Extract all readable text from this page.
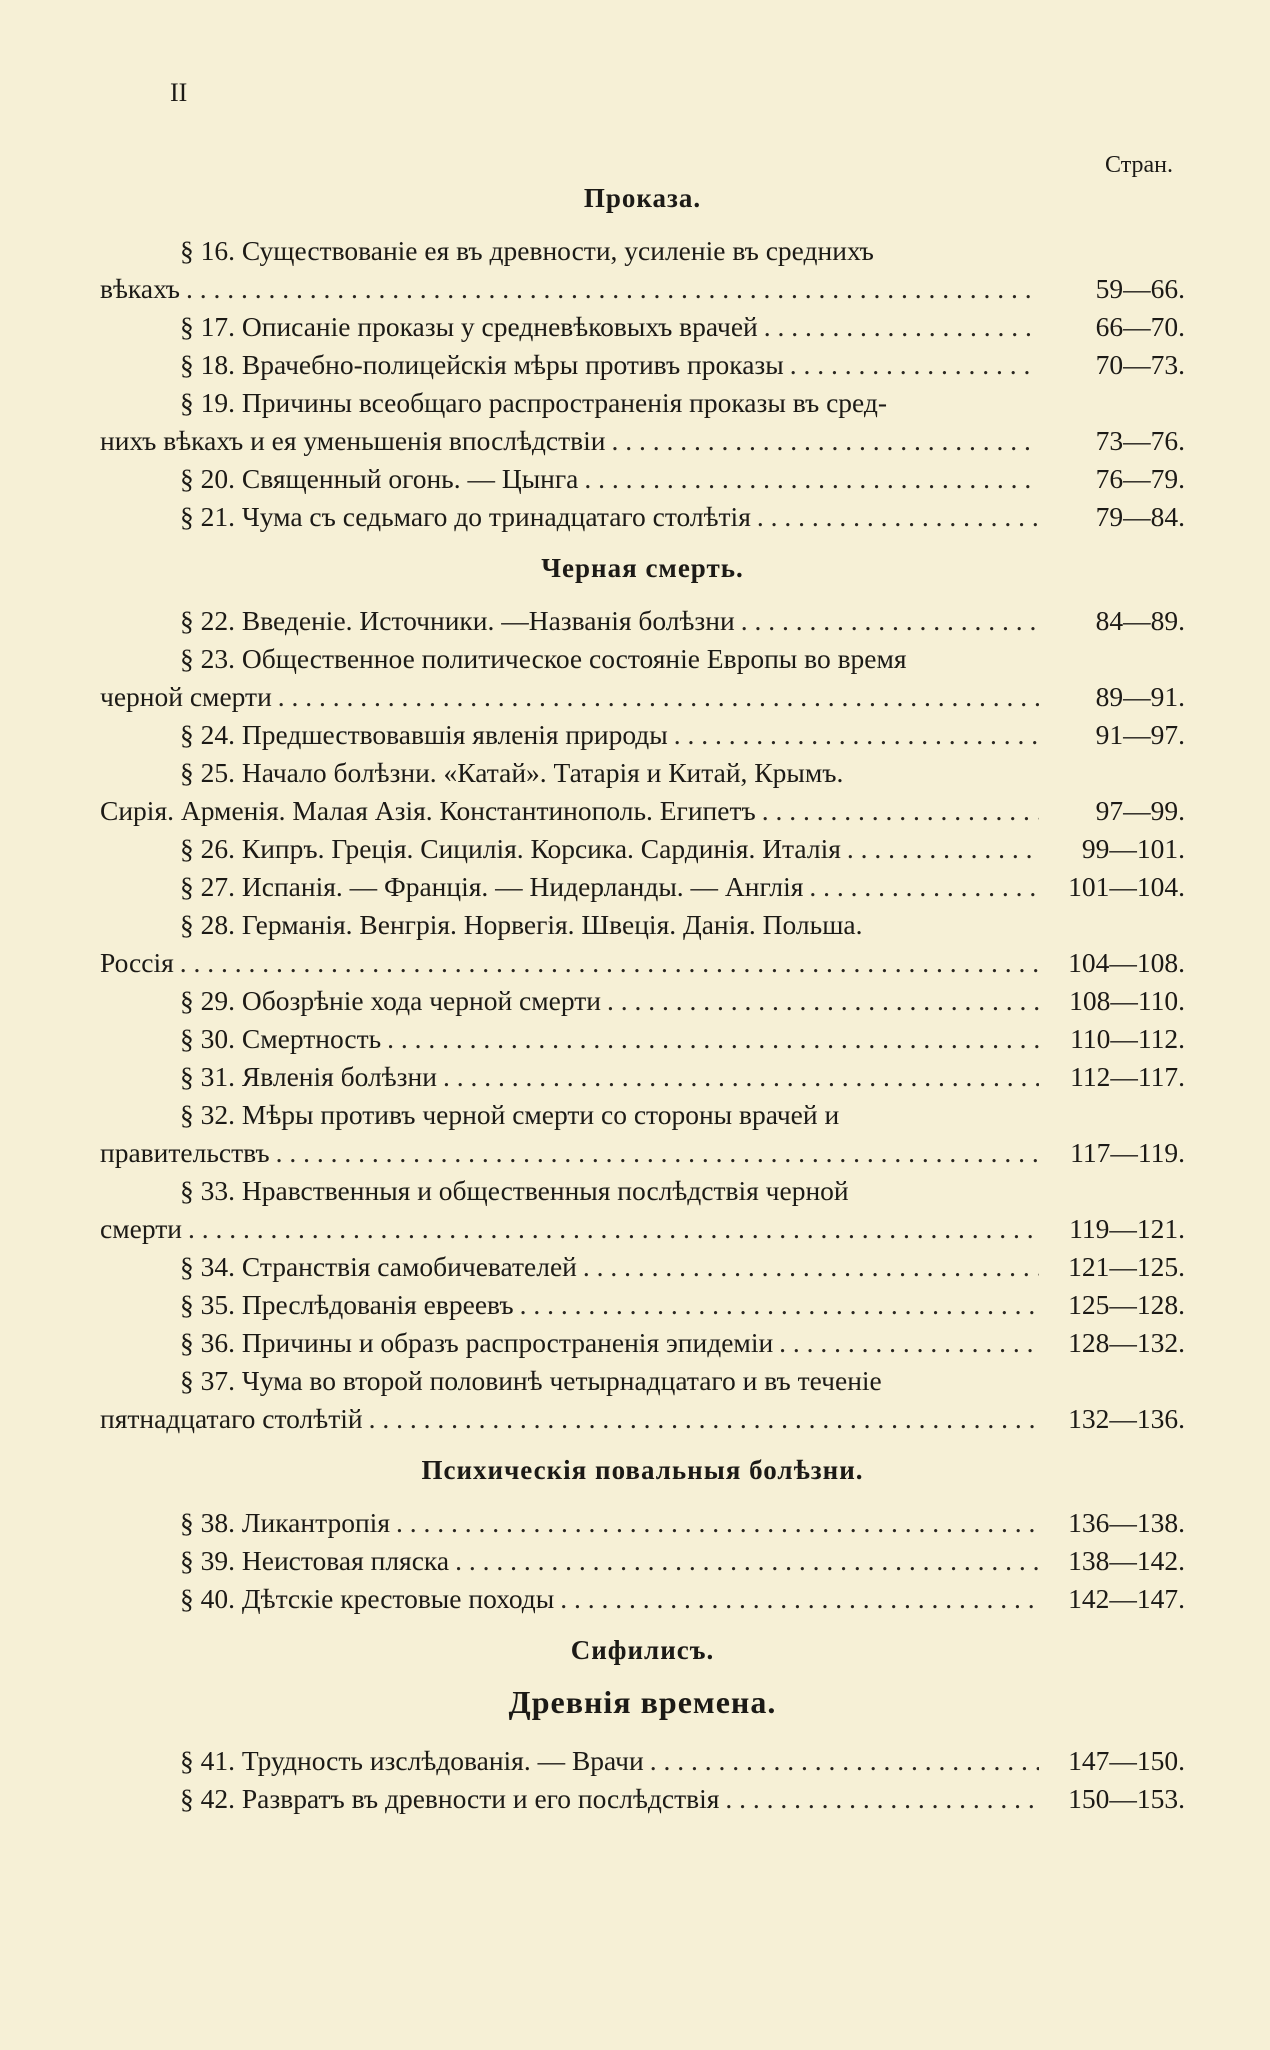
II
Стран.
Проказа.
§ 16. Существованіе ея въ древности, усиленіе въ среднихъ
вѣкахъ . . .	59—66.
§ 17. Описаніе проказы у средневѣковыхъ врачей . . .	66—70.
§ 18. Врачебно-полицейскія мѣры противъ проказы . . .	70—73.
§ 19. Причины всеобщаго распространенія проказы въ сред-
нихъ вѣкахъ и ея уменьшенія впослѣдствіи . . .	73—76.
§ 20. Священный огонь. — Цынга . . .	76—79.
§ 21. Чума съ седьмаго до тринадцатаго столѣтія . . .	79—84.
Черная смерть.
§ 22. Введеніе. Источники. —Названія болѣзни . . .	84—89.
§ 23. Общественное политическое состояніе Европы во время
черной смерти . . .	89—91.
§ 24. Предшествовавшія явленія природы . . .	91—97.
§ 25. Начало болѣзни. «Катай». Татарія и Китай, Крымъ.
Сирія. Арменія. Малая Азія. Константинополь. Египетъ . . .	97—99.
§ 26. Кипръ. Греція. Сицилія. Корсика. Сардинія. Италія . . .	99—101.
§ 27. Испанія. — Франція. — Нидерланды. — Англія . . .	101—104.
§ 28. Германія. Венгрія. Норвегія. Швеція. Данія. Польша.
Россія . . .	104—108.
§ 29. Обозрѣніе хода черной смерти . . .	108—110.
§ 30. Смертность . . .	110—112.
§ 31. Явленія болѣзни . . .	112—117.
§ 32. Мѣры противъ черной смерти со стороны врачей и
правительствъ . . .	117—119.
§ 33. Нравственныя и общественныя послѣдствія черной
смерти . . .	119—121.
§ 34. Странствія самобичевателей . . .	121—125.
§ 35. Преслѣдованія евреевъ . . .	125—128.
§ 36. Причины и образъ распространенія эпидеміи . . .	128—132.
§ 37. Чума во второй половинѣ четырнадцатаго и въ теченіе
пятнадцатаго столѣтій . . .	132—136.
Психическія повальныя болѣзни.
§ 38. Ликантропія . . .	136—138.
§ 39. Неистовая пляска . . .	138—142.
§ 40. Дѣтскіе крестовые походы . . .	142—147.
Сифилисъ.
Древнія времена.
§ 41. Трудность изслѣдованія. — Врачи . . .	147—150.
§ 42. Развратъ въ древности и его послѣдствія . . .	150—153.
